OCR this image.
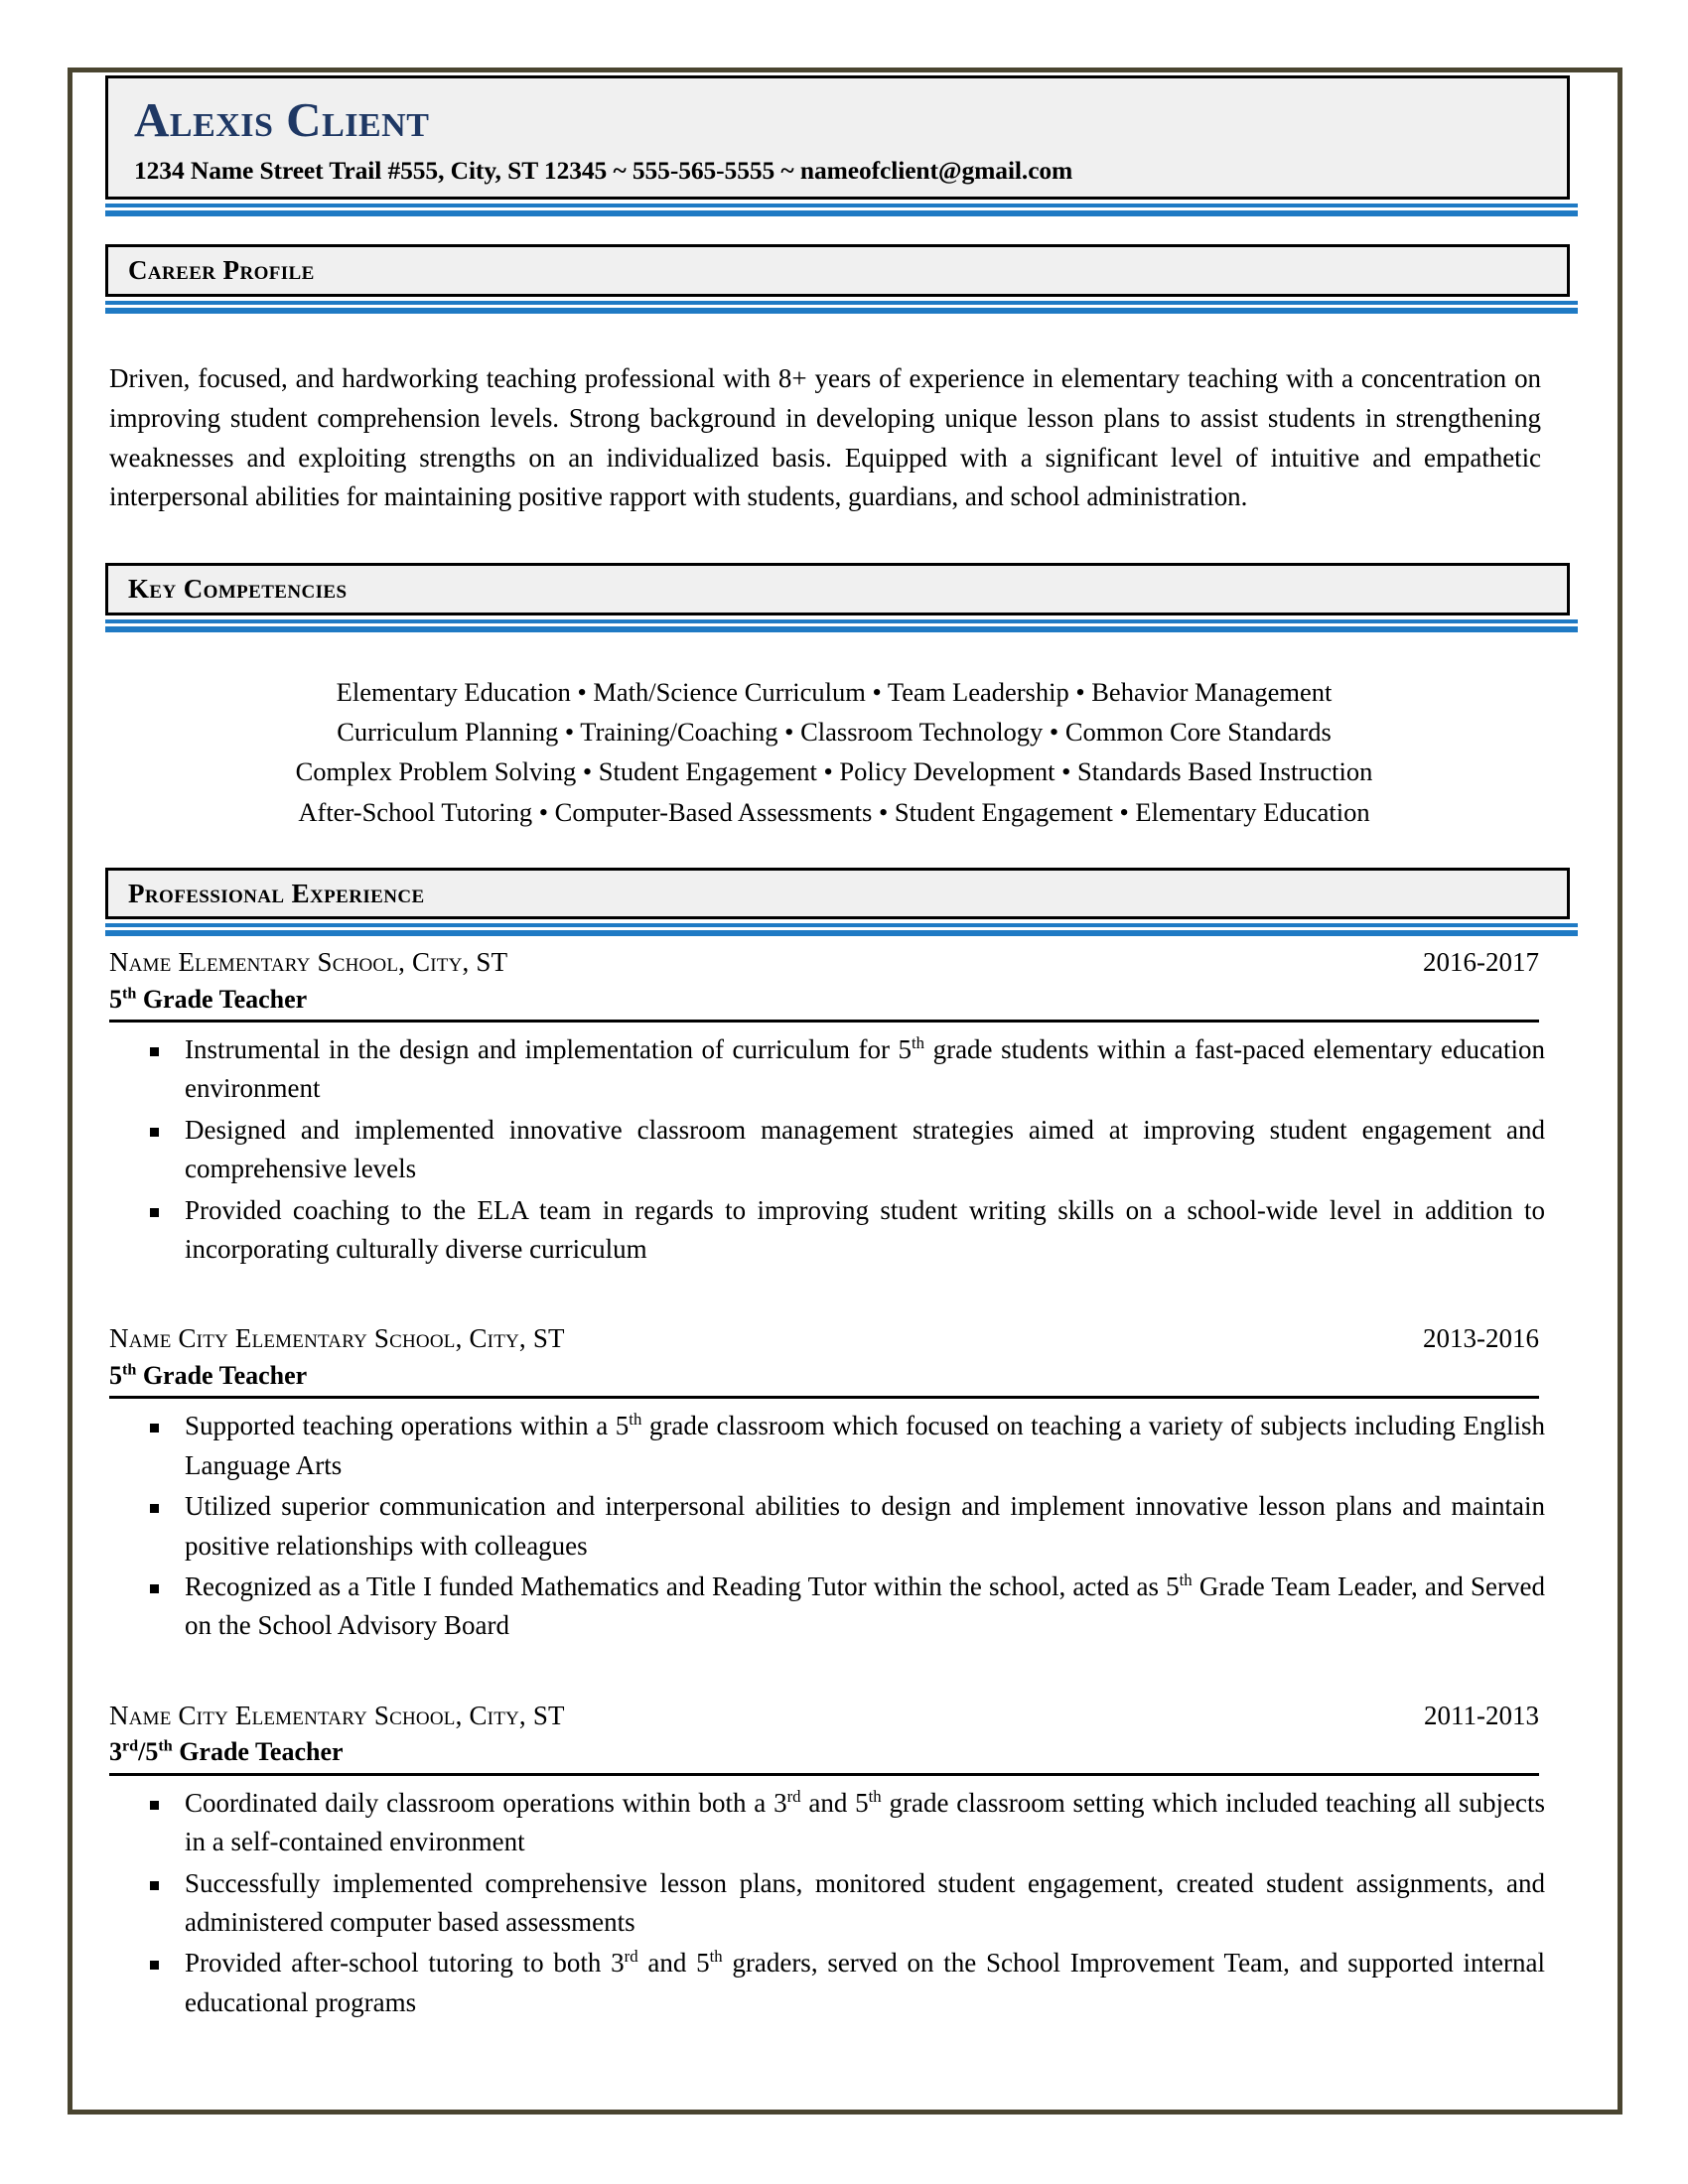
Alexis Client
1234 Name Street Trail #555, City, ST 12345 ~ 555-565-5555 ~ nameofclient@gmail.com
Career Profile
Driven, focused, and hardworking teaching professional with 8+ years of experience in elementary teaching with a concentration on improving student comprehension levels. Strong background in developing unique lesson plans to assist students in strengthening weaknesses and exploiting strengths on an individualized basis. Equipped with a significant level of intuitive and empathetic interpersonal abilities for maintaining positive rapport with students, guardians, and school administration.
Key Competencies
Elementary Education • Math/Science Curriculum • Team Leadership • Behavior Management
Curriculum Planning • Training/Coaching • Classroom Technology • Common Core Standards
Complex Problem Solving • Student Engagement • Policy Development • Standards Based Instruction
After-School Tutoring • Computer-Based Assessments • Student Engagement • Elementary Education
Professional Experience
Name Elementary School, City, ST	2016-2017
5th Grade Teacher
Instrumental in the design and implementation of curriculum for 5th grade students within a fast-paced elementary education environment
Designed and implemented innovative classroom management strategies aimed at improving student engagement and comprehensive levels
Provided coaching to the ELA team in regards to improving student writing skills on a school-wide level in addition to incorporating culturally diverse curriculum
Name City Elementary School, City, ST	2013-2016
5th Grade Teacher
Supported teaching operations within a 5th grade classroom which focused on teaching a variety of subjects including English Language Arts
Utilized superior communication and interpersonal abilities to design and implement innovative lesson plans and maintain positive relationships with colleagues
Recognized as a Title I funded Mathematics and Reading Tutor within the school, acted as 5th Grade Team Leader, and Served on the School Advisory Board
Name City Elementary School, City, ST	2011-2013
3rd/5th Grade Teacher
Coordinated daily classroom operations within both a 3rd and 5th grade classroom setting which included teaching all subjects in a self-contained environment
Successfully implemented comprehensive lesson plans, monitored student engagement, created student assignments, and administered computer based assessments
Provided after-school tutoring to both 3rd and 5th graders, served on the School Improvement Team, and supported internal educational programs
